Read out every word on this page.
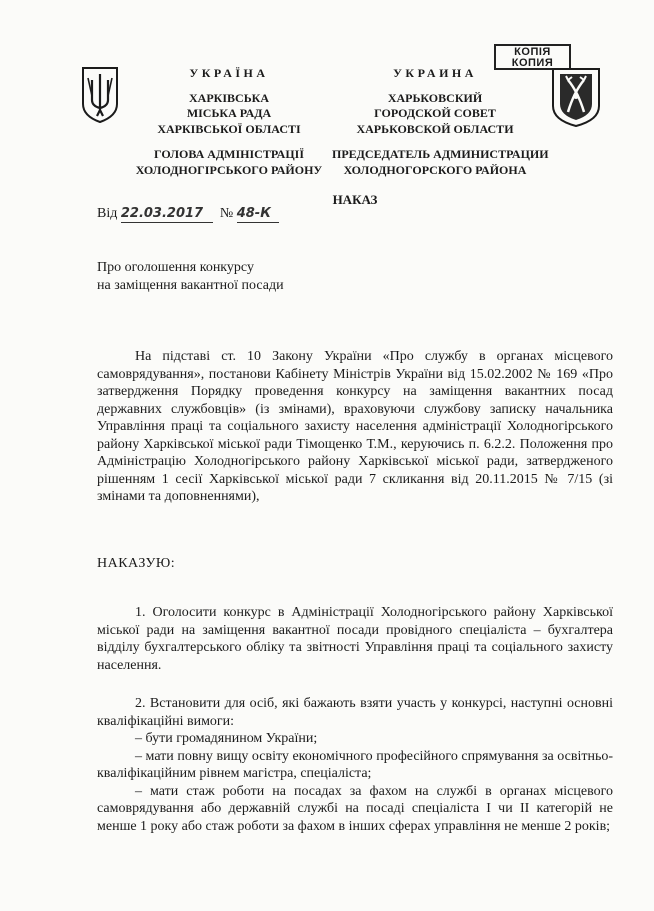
УКРАЇНА
ХАРКІВСЬКА
МІСЬКА РАДА
ХАРКІВСЬКОЇ ОБЛАСТІ
ГОЛОВА АДМІНІСТРАЦІЇ
ХОЛОДНОГІРСЬКОГО РАЙОНУ
УКРАИНА
ХАРЬКОВСКИЙ
ГОРОДСКОЙ СОВЕТ
ХАРЬКОВСКОЙ ОБЛАСТИ
ПРЕДСЕДАТЕЛЬ АДМИНИСТРАЦИИ
ХОЛОДНОГОРСКОГО РАЙОНА
КОПІЯ
КОПИЯ
НАКАЗ
Від 22.03.2017 № 48-К
Про оголошення конкурсу
на заміщення вакантної посади

На підставі ст. 10 Закону України «Про службу в органах місцевого самоврядування», постанови Кабінету Міністрів України від 15.02.2002 № 169 «Про затвердження Порядку проведення конкурсу на заміщення вакантних посад державних службовців» (із змінами), враховуючи службову записку начальника Управління праці та соціального захисту населення адміністрації Холодногірського району Харківської міської ради Тімощенко Т.М., керуючись п. 6.2.2. Положення про Адміністрацію Холодногірського району Харківської міської ради, затвердженого рішенням 1 сесії Харківської міської ради 7 скликання від 20.11.2015 № 7/15 (зі змінами та доповненнями),

НАКАЗУЮ:

1. Оголосити конкурс в Адміністрації Холодногірського району Харківської міської ради на заміщення вакантної посади провідного спеціаліста – бухгалтера відділу бухгалтерського обліку та звітності Управління праці та соціального захисту населення.

2. Встановити для осіб, які бажають взяти участь у конкурсі, наступні основні кваліфікаційні вимоги:

– бути громадянином України;

– мати повну вищу освіту економічного професійного спрямування за освітньо-кваліфікаційним рівнем магістра, спеціаліста;

– мати стаж роботи на посадах за фахом на службі в органах місцевого самоврядування або державній службі на посаді спеціаліста I чи II категорій не менше 1 року або стаж роботи за фахом в інших сферах управління не менше 2 років;
